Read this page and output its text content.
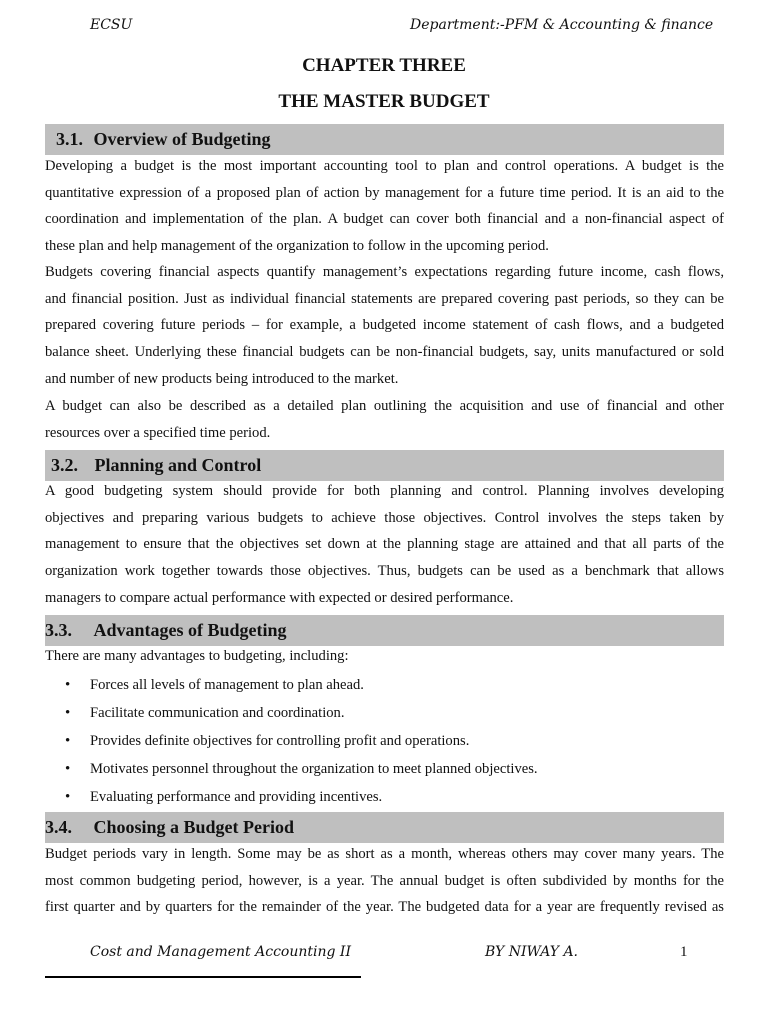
ECSU	Department:-PFM & Accounting & finance
CHAPTER THREE
THE MASTER BUDGET
3.1. Overview of Budgeting
Developing a budget is the most important accounting tool to plan and control operations. A budget is the
quantitative expression of a proposed plan of action by management for a future time period. It is an aid to the
coordination and implementation of the plan. A budget can cover both financial and a non-financial aspect of
these plan and help management of the organization to follow in the upcoming period.
Budgets covering financial aspects quantify management’s expectations regarding future income, cash flows,
and financial position. Just as individual financial statements are prepared covering past periods, so they can be
prepared covering future periods – for example, a budgeted income statement of cash flows, and a budgeted
balance sheet. Underlying these financial budgets can be non-financial budgets, say, units manufactured or sold
and number of new products being introduced to the market.
A budget can also be described as a detailed plan outlining the acquisition and use of financial and other
resources over a specified time period.
3.2. Planning and Control
A good budgeting system should provide for both planning and control. Planning involves developing
objectives and preparing various budgets to achieve those objectives. Control involves the steps taken by
management to ensure that the objectives set down at the planning stage are attained and that all parts of the
organization work together towards those objectives. Thus, budgets can be used as a benchmark that allows
managers to compare actual performance with expected or desired performance.
3.3. Advantages of Budgeting
There are many advantages to budgeting, including:
• Forces all levels of management to plan ahead.
• Facilitate communication and coordination.
• Provides definite objectives for controlling profit and operations.
• Motivates personnel throughout the organization to meet planned objectives.
• Evaluating performance and providing incentives.
3.4. Choosing a Budget Period
Budget periods vary in length. Some may be as short as a month, whereas others may cover many years. The
most common budgeting period, however, is a year. The annual budget is often subdivided by months for the
first quarter and by quarters for the remainder of the year. The budgeted data for a year are frequently revised as
Cost and Management Accounting II	BY NIWAY A.	1
